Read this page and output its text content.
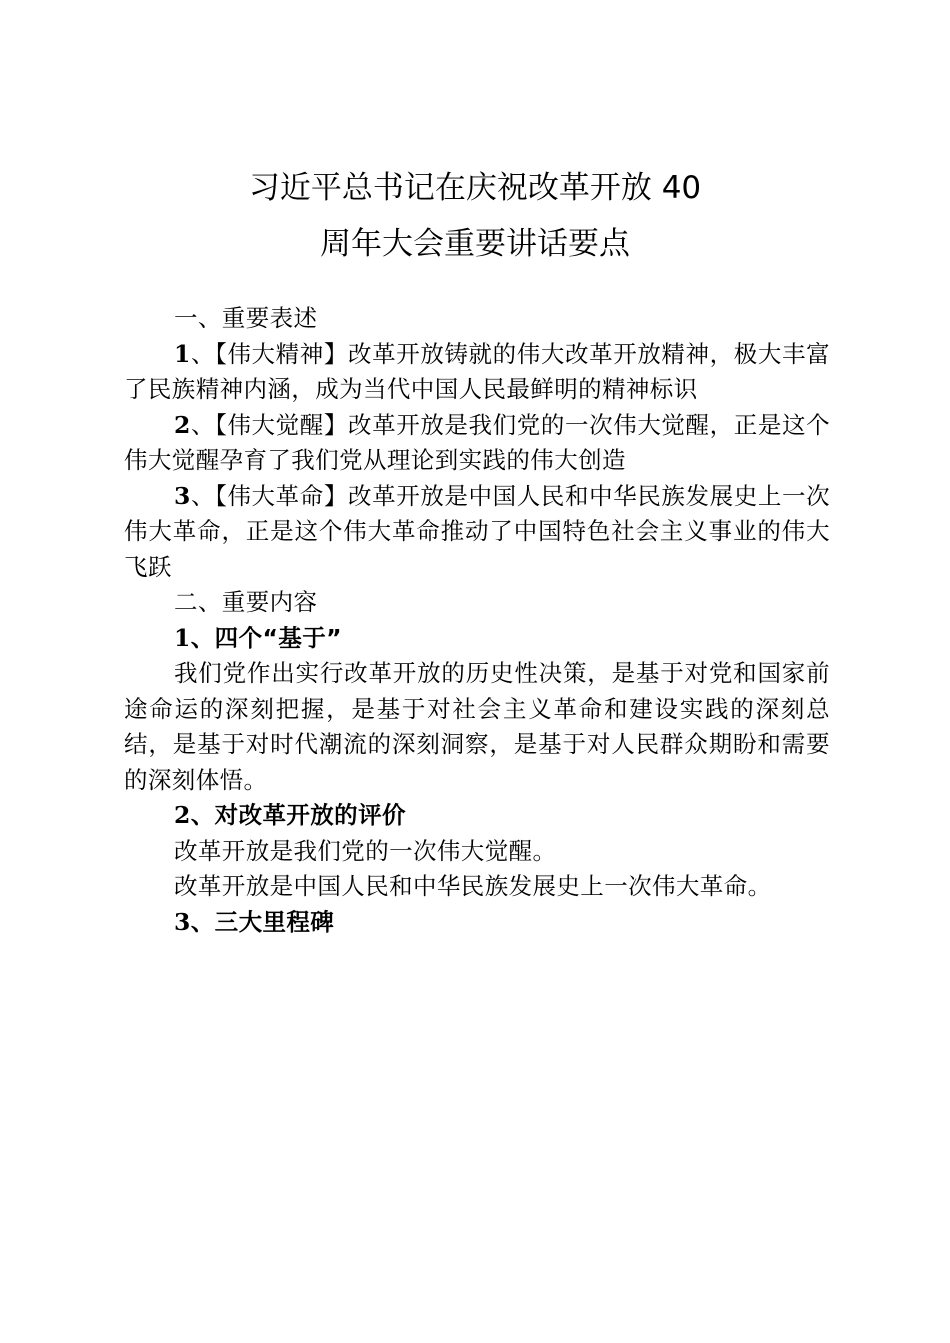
习近平总书记在庆祝改革开放 40
周年大会重要讲话要点

一、重要表述

1、【伟大精神】改革开放铸就的伟大改革开放精神，极大丰富了民族精神内涵，成为当代中国人民最鲜明的精神标识

2、【伟大觉醒】改革开放是我们党的一次伟大觉醒，正是这个伟大觉醒孕育了我们党从理论到实践的伟大创造

3、【伟大革命】改革开放是中国人民和中华民族发展史上一次伟大革命，正是这个伟大革命推动了中国特色社会主义事业的伟大飞跃

二、重要内容

1、四个“基于”

我们党作出实行改革开放的历史性决策，是基于对党和国家前途命运的深刻把握，是基于对社会主义革命和建设实践的深刻总结，是基于对时代潮流的深刻洞察，是基于对人民群众期盼和需要的深刻体悟。

2、对改革开放的评价

改革开放是我们党的一次伟大觉醒。

改革开放是中国人民和中华民族发展史上一次伟大革命。

3、三大里程碑
